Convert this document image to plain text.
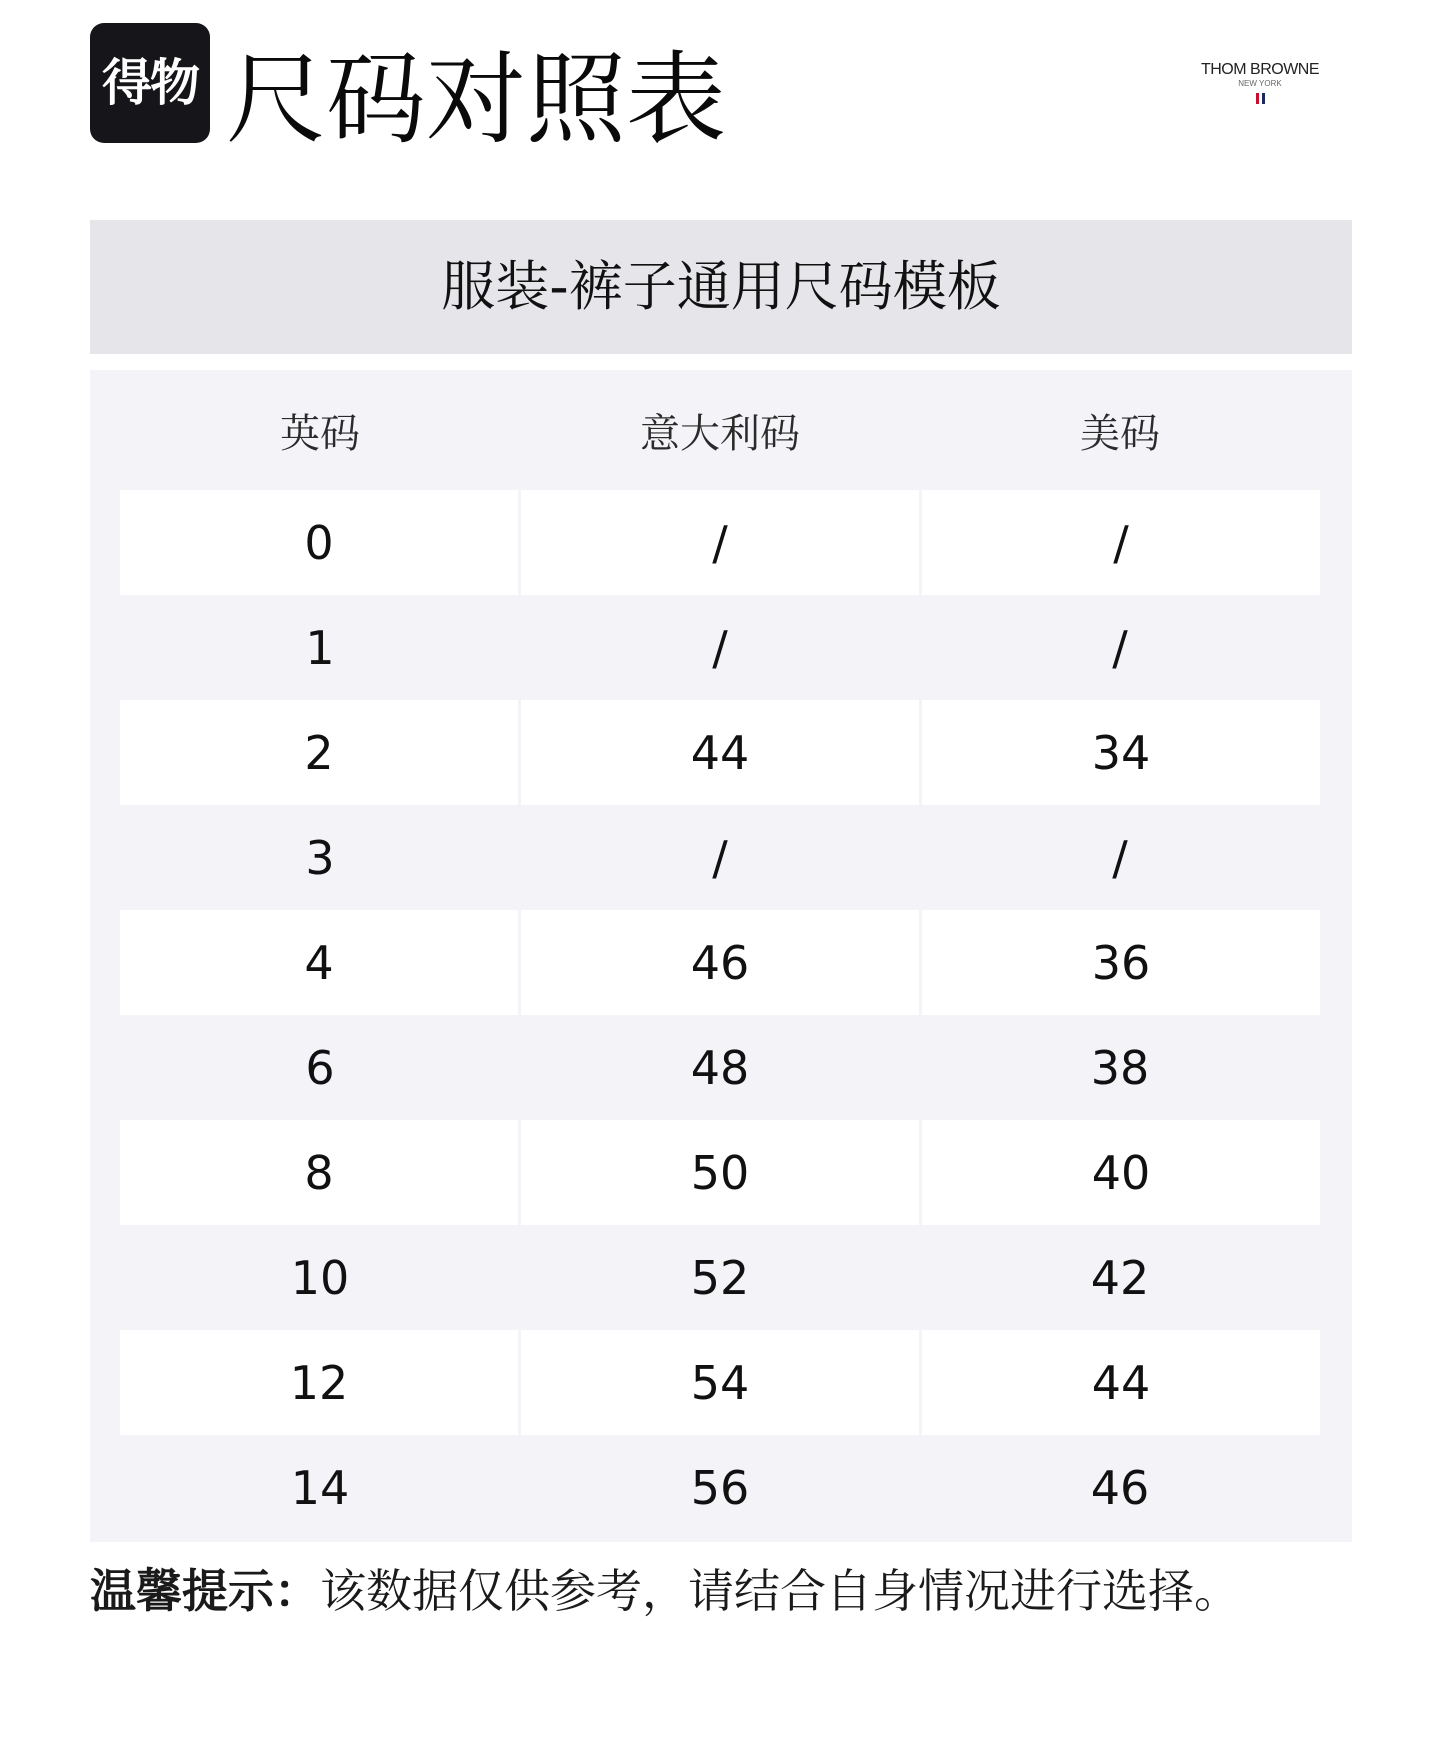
得物 尺码对照表	THOM BROWNE
NEW YORK
服装-裤子通用尺码模板
英码	意大利码	美码
0	/	/
1	/	/
2	44	34
3	/	/
4	46	36
6	48	38
8	50	40
10	52	42
12	54	44
14	56	46
温馨提示：该数据仅供参考，请结合自身情况进行选择。
